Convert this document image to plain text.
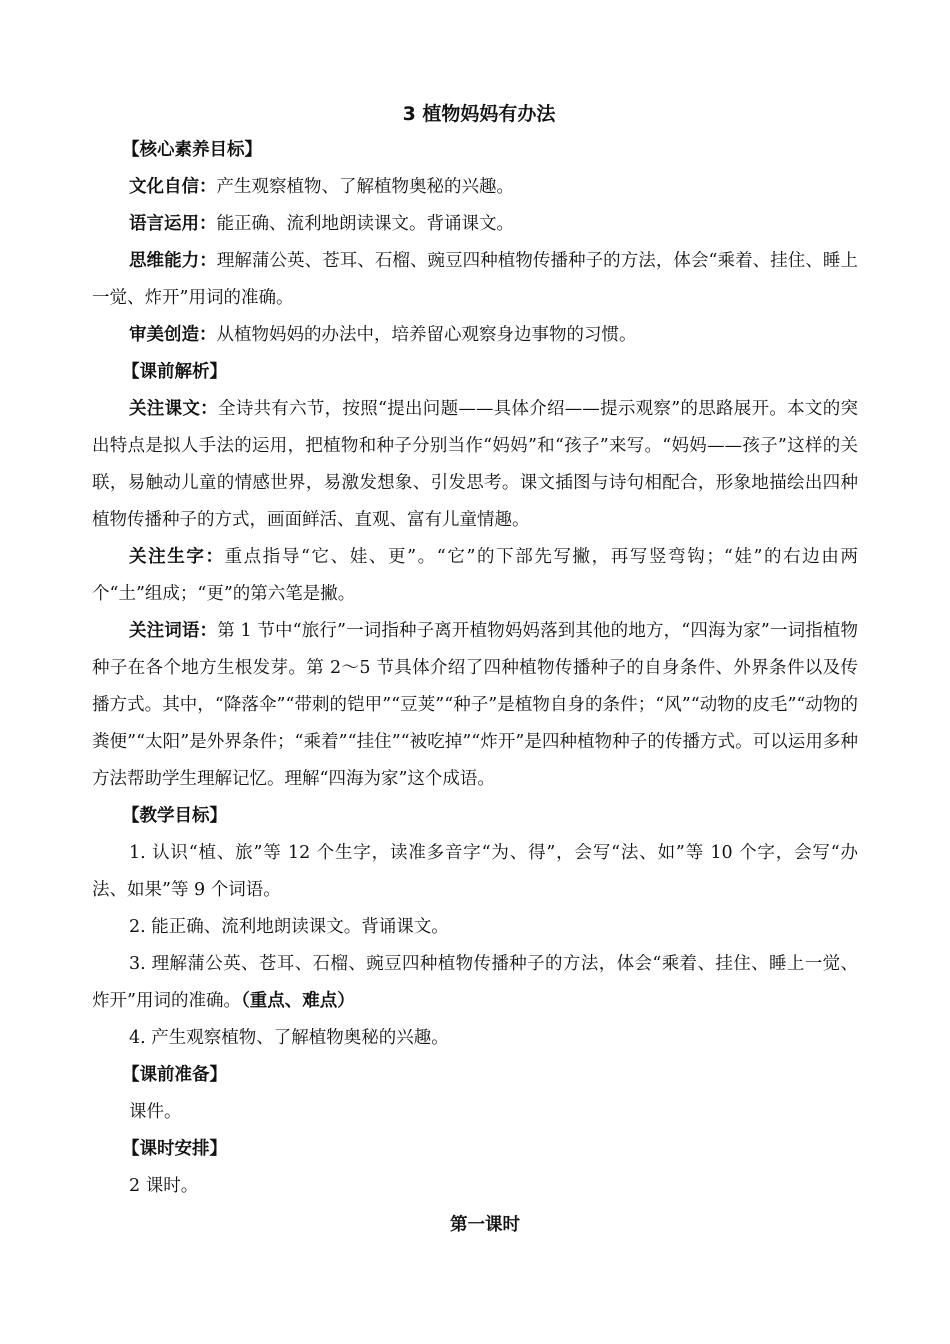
3 植物妈妈有办法
【核心素养目标】

文化自信：产生观察植物、了解植物奥秘的兴趣。

语言运用：能正确、流利地朗读课文。背诵课文。

思维能力：理解蒲公英、苍耳、石榴、豌豆四种植物传播种子的方法，体会“乘着、挂住、睡上一觉、炸开”用词的准确。

审美创造：从植物妈妈的办法中，培养留心观察身边事物的习惯。

【课前解析】

关注课文：全诗共有六节，按照“提出问题——具体介绍——提示观察”的思路展开。本文的突出特点是拟人手法的运用，把植物和种子分别当作“妈妈”和“孩子”来写。“妈妈——孩子”这样的关联，易触动儿童的情感世界，易激发想象、引发思考。课文插图与诗句相配合，形象地描绘出四种植物传播种子的方式，画面鲜活、直观、富有儿童情趣。

关注生字：重点指导“它、娃、更”。“它”的下部先写撇，再写竖弯钩；“娃”的右边由两个“土”组成；“更”的第六笔是撇。

关注词语：第 1 节中“旅行”一词指种子离开植物妈妈落到其他的地方，“四海为家”一词指植物种子在各个地方生根发芽。第 2～5 节具体介绍了四种植物传播种子的自身条件、外界条件以及传播方式。其中，“降落伞”“带刺的铠甲”“豆荚”“种子”是植物自身的条件；“风”“动物的皮毛”“动物的粪便”“太阳”是外界条件；“乘着”“挂住”“被吃掉”“炸开”是四种植物种子的传播方式。可以运用多种方法帮助学生理解记忆。理解“四海为家”这个成语。

【教学目标】

1. 认识“植、旅”等 12 个生字，读准多音字“为、得”，会写“法、如”等 10 个字，会写“办法、如果”等 9 个词语。

2. 能正确、流利地朗读课文。背诵课文。

3. 理解蒲公英、苍耳、石榴、豌豆四种植物传播种子的方法，体会“乘着、挂住、睡上一觉、炸开”用词的准确。（重点、难点）

4. 产生观察植物、了解植物奥秘的兴趣。

【课前准备】
课件。
【课时安排】
2 课时。
第一课时
